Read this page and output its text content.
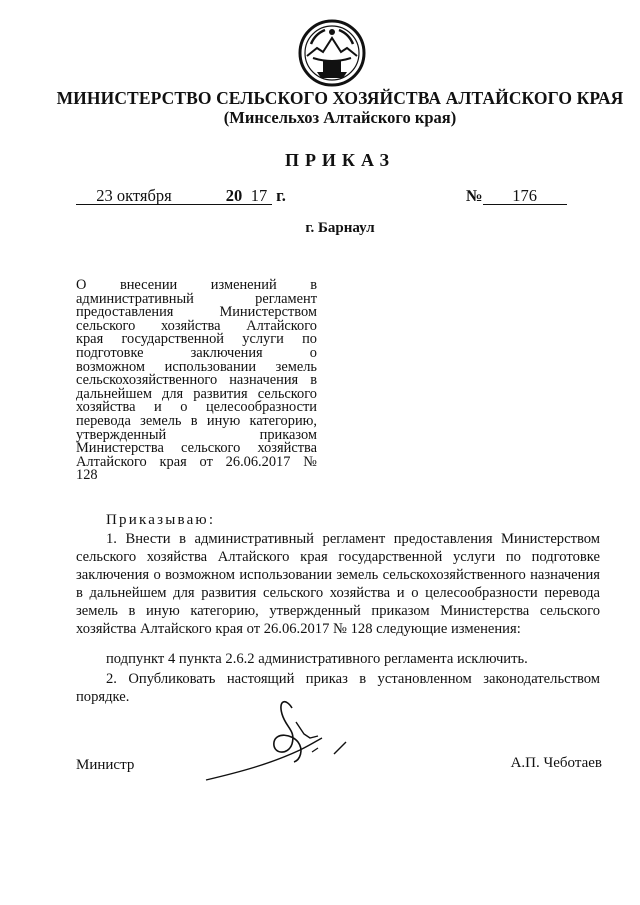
МИНИСТЕРСТВО СЕЛЬСКОГО ХОЗЯЙСТВА АЛТАЙСКОГО КРАЯ
(Минсельхоз Алтайского края)
ПРИКАЗ
23 октября	20 17 г.	№ 176
г. Барнаул
О внесении изменений в
административный регламент
предоставления Министерством
сельского хозяйства Алтайского
края государственной услуги по
подготовке заключения о
возможном использовании земель
сельскохозяйственного назначения в
дальнейшем для развития сельского
хозяйства и о целесообразности
перевода земель в иную категорию,
утвержденный приказом
Министерства сельского хозяйства
Алтайского края от 26.06.2017 №
128
Приказываю:
1. Внести в административный регламент предоставления Министерством сельского хозяйства Алтайского края государственной услуги по подготовке заключения о возможном использовании земель сельскохозяйственного назначения в дальнейшем для развития сельского хозяйства и о целесообразности перевода земель в иную категорию, утвержденный приказом Министерства сельского хозяйства Алтайского края от 26.06.2017 № 128 следующие изменения:
подпункт 4 пункта 2.6.2 административного регламента исключить.
2. Опубликовать настоящий приказ в установленном законодательством порядке.
Министр	А.П. Чеботаев
